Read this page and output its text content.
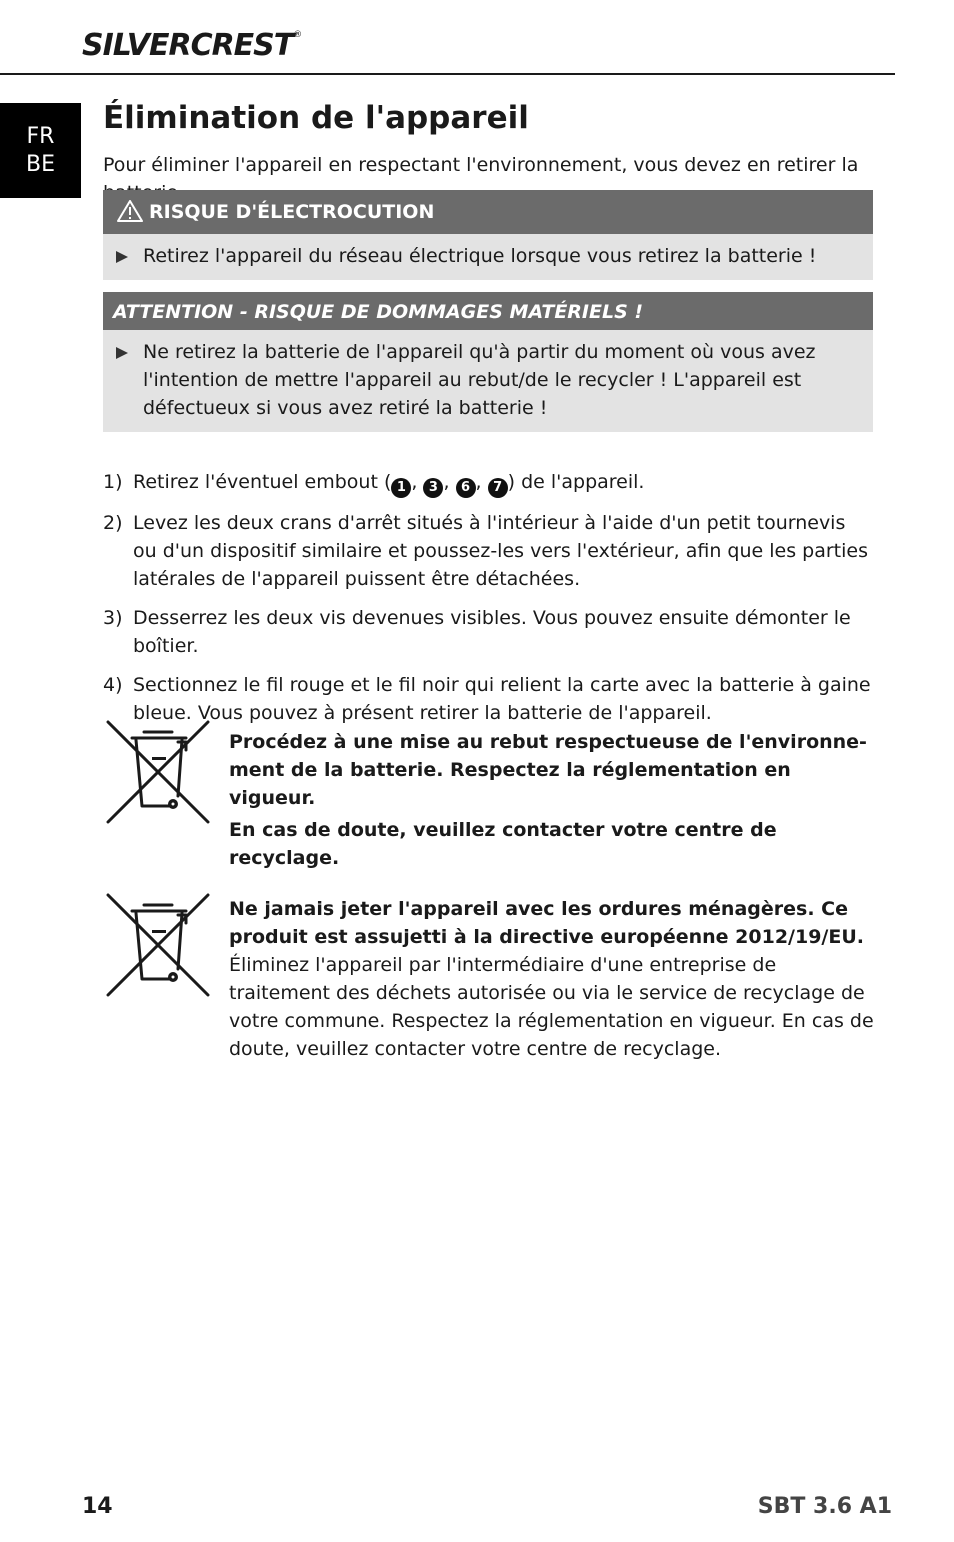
SILVERCREST®
FR
BE
Élimination de l'appareil
Pour éliminer l'appareil en respectant l'environnement, vous devez en retirer la
RISQUE D'ÉLECTROCUTION
Retirez l'appareil du réseau électrique lorsque vous retirez la batterie !
ATTENTION - RISQUE DE DOMMAGES MATÉRIELS !
Ne retirez la batterie de l'appareil qu'à partir du moment où vous avez l'intention de mettre l'appareil au rebut/de le recycler ! L'appareil est défectueux si vous avez retiré la batterie !
1) Retirez l'éventuel embout ( 1 , 3 , 6 , 7 ) de l'appareil.
2) Levez les deux crans d'arrêt situés à l'intérieur à l'aide d'un petit tournevis ou d'un dispositif similaire et poussez-les vers l'extérieur, afin que les parties latérales de l'appareil puissent être détachées.
3) Desserrez les deux vis devenues visibles. Vous pouvez ensuite démonter le boîtier.
4) Sectionnez le fil rouge et le fil noir qui relient la carte avec la batterie à gaine bleue. Vous pouvez à présent retirer la batterie de l'appareil.
Procédez à une mise au rebut respectueuse de l'environne-ment de la batterie. Respectez la réglementation en vigueur.
En cas de doute, veuillez contacter votre centre de recyclage.
Ne jamais jeter l'appareil avec les ordures ménagères. Ce produit est assujetti à la directive européenne 2012/19/EU. Éliminez l'appareil par l'intermédiaire d'une entreprise de traitement des déchets autorisée ou via le service de recyclage de votre commune. Respectez la réglementation en vigueur. En cas de doute, veuillez contacter votre centre de recyclage.
14	SBT 3.6 A1
